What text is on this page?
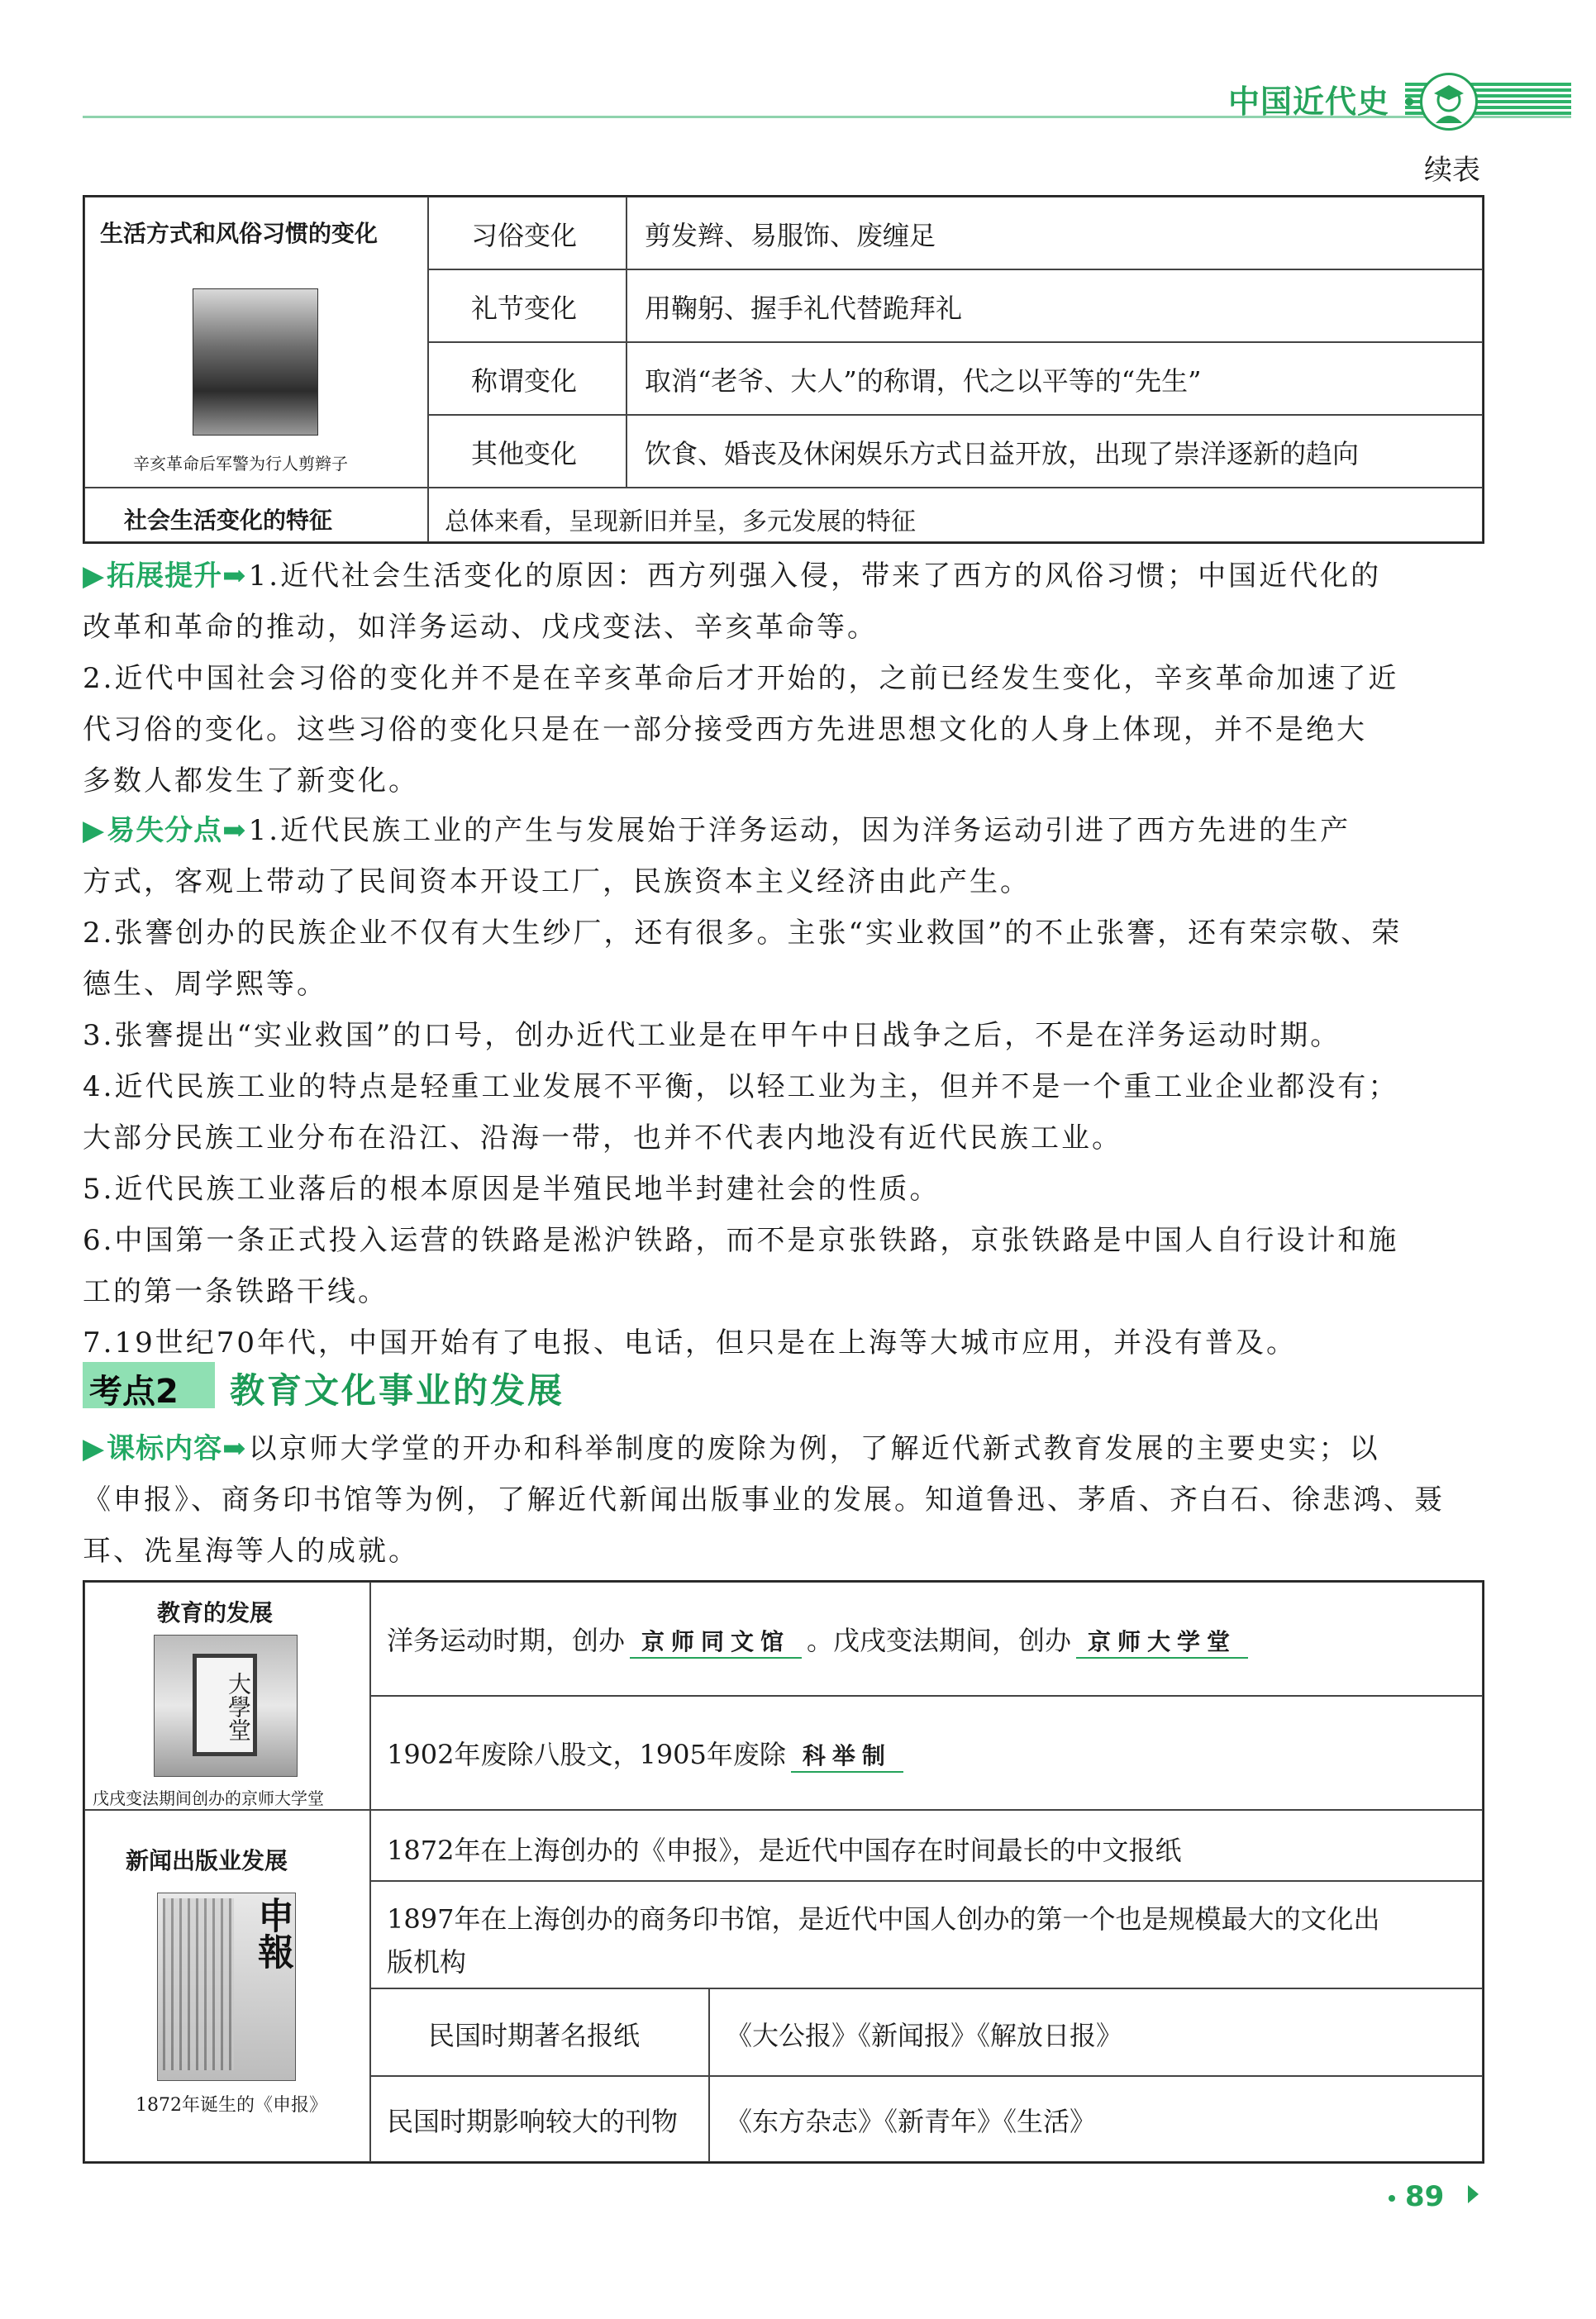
中国近代史
续表
生活方式和风俗习惯的变化
辛亥革命后军警为行人剪辫子
习俗变化	剪发辫、易服饰、废缠足
礼节变化	用鞠躬、握手礼代替跪拜礼
称谓变化	取消“老爷、大人”的称谓，代之以平等的“先生”
其他变化	饮食、婚丧及休闲娱乐方式日益开放，出现了崇洋逐新的趋向
社会生活变化的特征	总体来看，呈现新旧并呈，多元发展的特征
▶拓展提升➡1.近代社会生活变化的原因：西方列强入侵，带来了西方的风俗习惯；中国近代化的
改革和革命的推动，如洋务运动、戊戌变法、辛亥革命等。
2.近代中国社会习俗的变化并不是在辛亥革命后才开始的，之前已经发生变化，辛亥革命加速了近
代习俗的变化。这些习俗的变化只是在一部分接受西方先进思想文化的人身上体现，并不是绝大
多数人都发生了新变化。
▶易失分点➡1.近代民族工业的产生与发展始于洋务运动，因为洋务运动引进了西方先进的生产
方式，客观上带动了民间资本开设工厂，民族资本主义经济由此产生。
2.张謇创办的民族企业不仅有大生纱厂，还有很多。主张“实业救国”的不止张謇，还有荣宗敬、荣
德生、周学熙等。
3.张謇提出“实业救国”的口号，创办近代工业是在甲午中日战争之后，不是在洋务运动时期。
4.近代民族工业的特点是轻重工业发展不平衡，以轻工业为主，但并不是一个重工业企业都没有；
大部分民族工业分布在沿江、沿海一带，也并不代表内地没有近代民族工业。
5.近代民族工业落后的根本原因是半殖民地半封建社会的性质。
6.中国第一条正式投入运营的铁路是淞沪铁路，而不是京张铁路，京张铁路是中国人自行设计和施
工的第一条铁路干线。
7.19世纪70年代，中国开始有了电报、电话，但只是在上海等大城市应用，并没有普及。
考点2 教育文化事业的发展
▶课标内容➡以京师大学堂的开办和科举制度的废除为例，了解近代新式教育发展的主要史实；以
《申报》、商务印书馆等为例，了解近代新闻出版事业的发展。知道鲁迅、茅盾、齐白石、徐悲鸿、聂
耳、冼星海等人的成就。
教育的发展
大學堂
戊戌变法期间创办的京师大学堂
洋务运动时期，创办 京师同文馆 。戊戌变法期间，创办 京师大学堂
1902年废除八股文，1905年废除 科举制
新闻出版业发展
申報
1872年诞生的《申报》
1872年在上海创办的《申报》，是近代中国存在时间最长的中文报纸
1897年在上海创办的商务印书馆，是近代中国人创办的第一个也是规模最大的文化出
版机构
民国时期著名报纸	《大公报》《新闻报》《解放日报》
民国时期影响较大的刊物 《东方杂志》《新青年》《生活》
89
